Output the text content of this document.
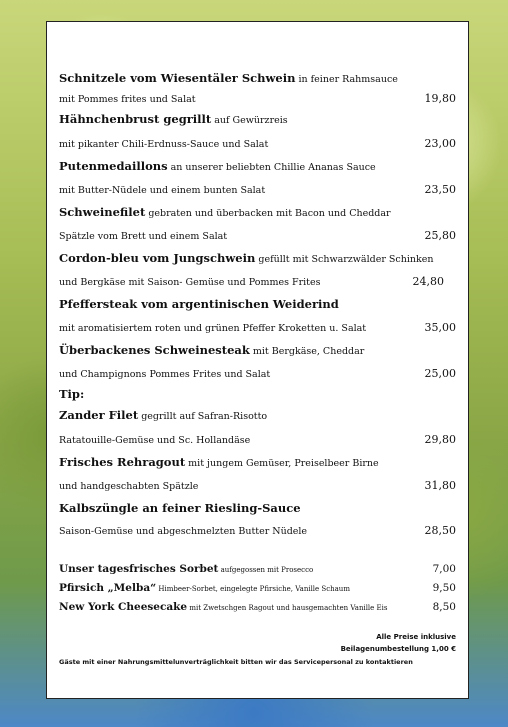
Schnitzele vom Wiesentäler Schwein in feiner Rahmsauce
mit Pommes frites und Salat	19,80
Hähnchenbrust gegrillt auf Gewürzreis
mit pikanter Chili-Erdnuss-Sauce und Salat	23,00
Putenmedaillons an unserer beliebten Chillie Ananas Sauce
mit Butter-Nüdele und einem bunten Salat	23,50
Schweinefilet gebraten und überbacken mit Bacon und Cheddar
Spätzle vom Brett und einem Salat	25,80
Cordon-bleu vom Jungschwein gefüllt mit Schwarzwälder Schinken
und Bergkäse mit Saison- Gemüse und Pommes Frites	24,80
Pfeffersteak vom argentinischen Weiderind
mit aromatisiertem roten und grünen Pfeffer Kroketten u. Salat	35,00
Überbackenes Schweinesteak mit Bergkäse, Cheddar
und Champignons Pommes Frites und Salat	25,00
Tip:
Zander Filet gegrillt auf Safran-Risotto
Ratatouille-Gemüse und Sc. Hollandäse	29,80
Frisches Rehragout mit jungem Gemüser, Preiselbeer Birne
und handgeschabten Spätzle	31,80
Kalbszüngle an feiner Riesling-Sauce
Saison-Gemüse und abgeschmelzten Butter Nüdele	28,50
Unser tagesfrisches Sorbet aufgegossen mit Prosecco	7,00
Pfirsich „Melba“ Himbeer-Sorbet, eingelegte Pfirsiche, Vanille Schaum	9,50
New York Cheesecake mit Zwetschgen Ragout und hausgemachten Vanille Eis	8,50
Alle Preise inklusive
Beilagenumbestellung 1,00 €
Gäste mit einer Nahrungsmittelunverträglichkeit bitten wir das Servicepersonal zu kontaktieren
